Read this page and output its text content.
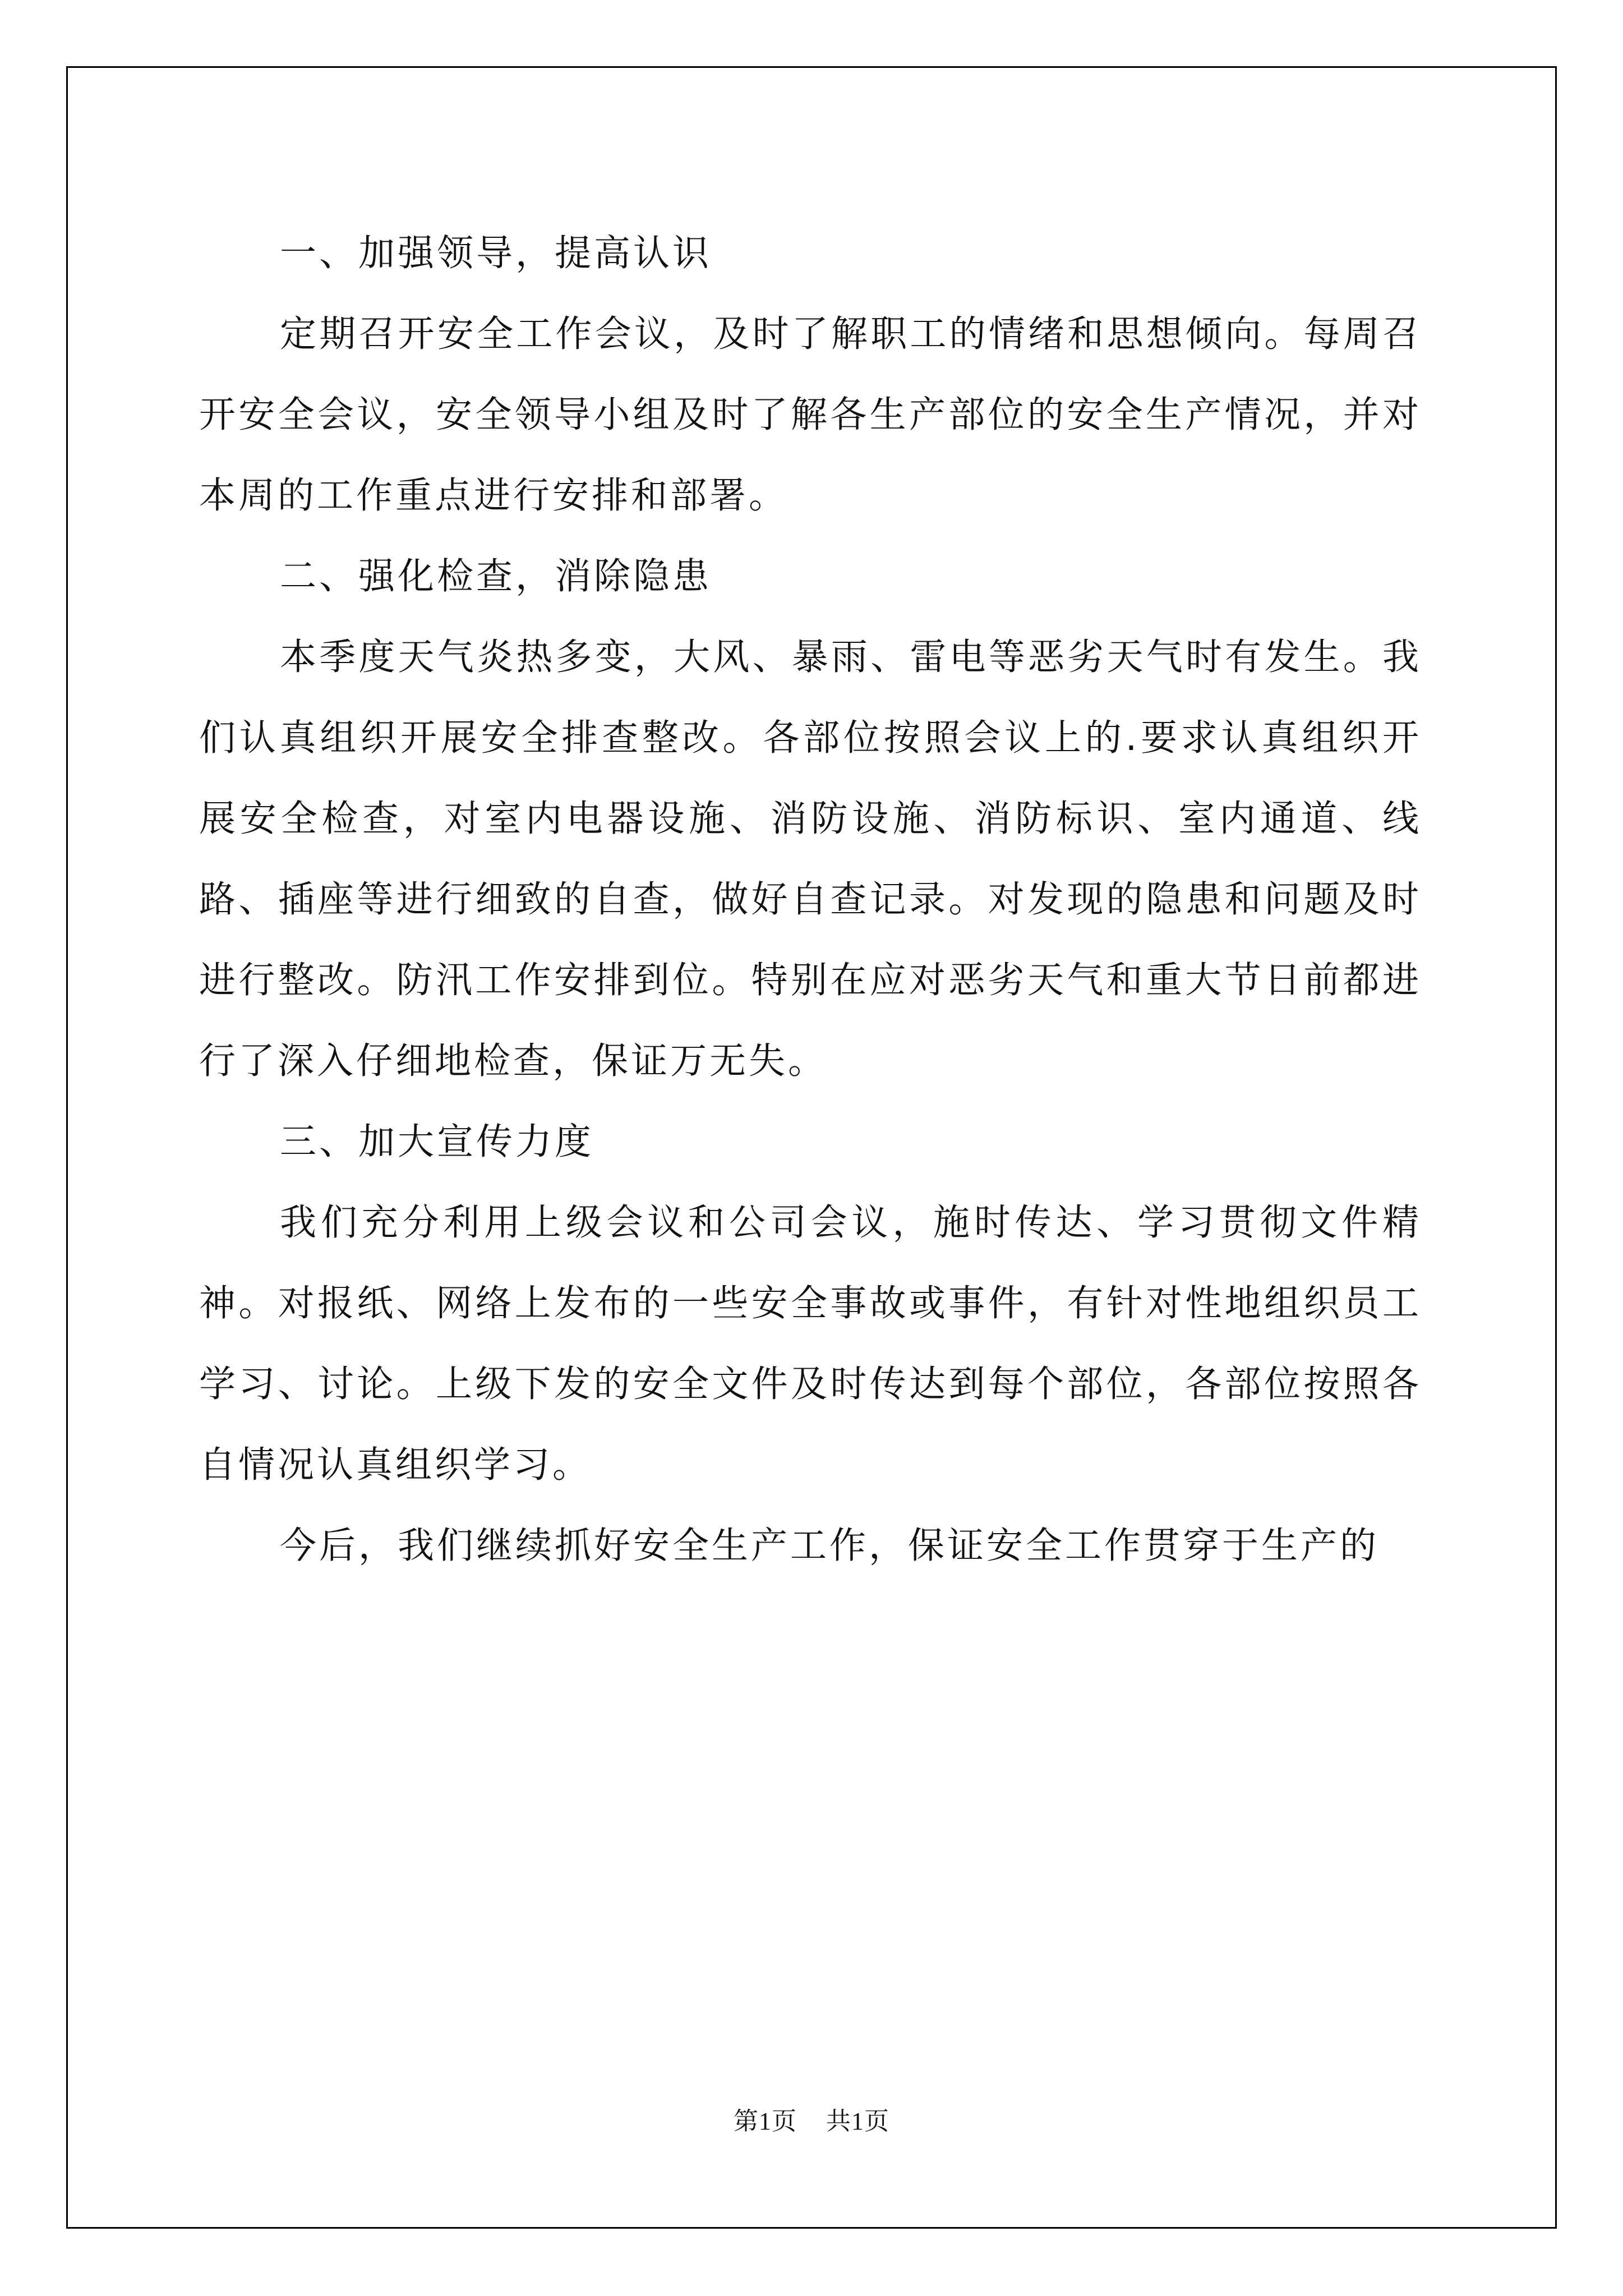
一、加强领导，提高认识

定期召开安全工作会议，及时了解职工的情绪和思想倾向。每周召开安全会议，安全领导小组及时了解各生产部位的安全生产情况，并对本周的工作重点进行安排和部署。

二、强化检查，消除隐患

本季度天气炎热多变，大风、暴雨、雷电等恶劣天气时有发生。我们认真组织开展安全排查整改。各部位按照会议上的.要求认真组织开展安全检查，对室内电器设施、消防设施、消防标识、室内通道、线路、插座等进行细致的自查，做好自查记录。对发现的隐患和问题及时进行整改。防汛工作安排到位。特别在应对恶劣天气和重大节日前都进行了深入仔细地检查，保证万无失。

三、加大宣传力度

我们充分利用上级会议和公司会议，施时传达、学习贯彻文件精神。对报纸、网络上发布的一些安全事故或事件，有针对性地组织员工学习、讨论。上级下发的安全文件及时传达到每个部位，各部位按照各自情况认真组织学习。

今后，我们继续抓好安全生产工作，保证安全工作贯穿于生产的

第1页 共1页
